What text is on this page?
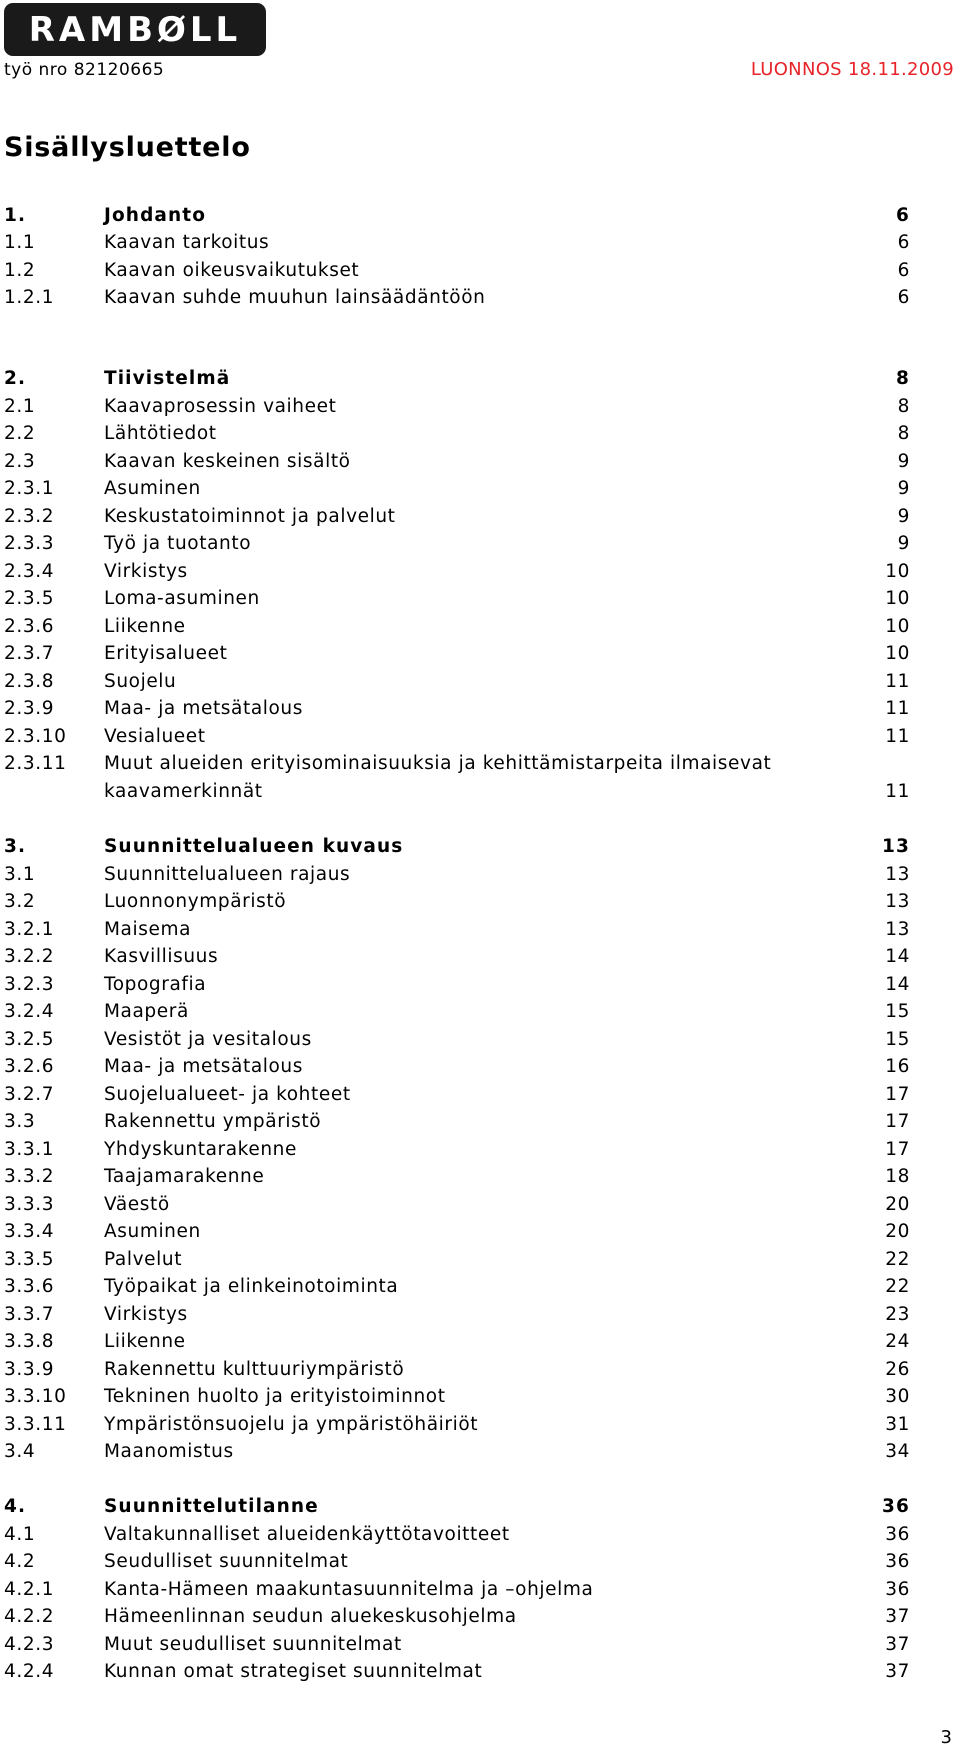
RAMBØLL
työ nro 82120665	LUONNOS 18.11.2009
Sisällysluettelo
1.	Johdanto	6
1.1	Kaavan tarkoitus	6
1.2	Kaavan oikeusvaikutukset	6
1.2.1	Kaavan suhde muuhun lainsäädäntöön	6
2.	Tiivistelmä	8
2.1	Kaavaprosessin vaiheet	8
2.2	Lähtötiedot	8
2.3	Kaavan keskeinen sisältö	9
2.3.1	Asuminen	9
2.3.2	Keskustatoiminnot ja palvelut	9
2.3.3	Työ ja tuotanto	9
2.3.4	Virkistys	10
2.3.5	Loma-asuminen	10
2.3.6	Liikenne	10
2.3.7	Erityisalueet	10
2.3.8	Suojelu	11
2.3.9	Maa- ja metsätalous	11
2.3.10 Vesialueet	11
2.3.11 Muut alueiden erityisominaisuuksia ja kehittämistarpeita ilmaisevat
kaavamerkinnät	11
3.	Suunnittelualueen kuvaus	13
3.1	Suunnittelualueen rajaus	13
3.2	Luonnonympäristö	13
3.2.1	Maisema	13
3.2.2	Kasvillisuus	14
3.2.3	Topografia	14
3.2.4	Maaperä	15
3.2.5	Vesistöt ja vesitalous	15
3.2.6	Maa- ja metsätalous	16
3.2.7	Suojelualueet- ja kohteet	17
3.3	Rakennettu ympäristö	17
3.3.1	Yhdyskuntarakenne	17
3.3.2	Taajamarakenne	18
3.3.3	Väestö	20
3.3.4	Asuminen	20
3.3.5	Palvelut	22
3.3.6	Työpaikat ja elinkeinotoiminta	22
3.3.7	Virkistys	23
3.3.8	Liikenne	24
3.3.9	Rakennettu kulttuuriympäristö	26
3.3.10 Tekninen huolto ja erityistoiminnot	30
3.3.11 Ympäristönsuojelu ja ympäristöhäiriöt	31
3.4	Maanomistus	34
4.	Suunnittelutilanne	36
4.1	Valtakunnalliset alueidenkäyttötavoitteet	36
4.2	Seudulliset suunnitelmat	36
4.2.1	Kanta-Hämeen maakuntasuunnitelma ja –ohjelma	36
4.2.2	Hämeenlinnan seudun aluekeskusohjelma	37
4.2.3	Muut seudulliset suunnitelmat	37
4.2.4	Kunnan omat strategiset suunnitelmat	37
3
